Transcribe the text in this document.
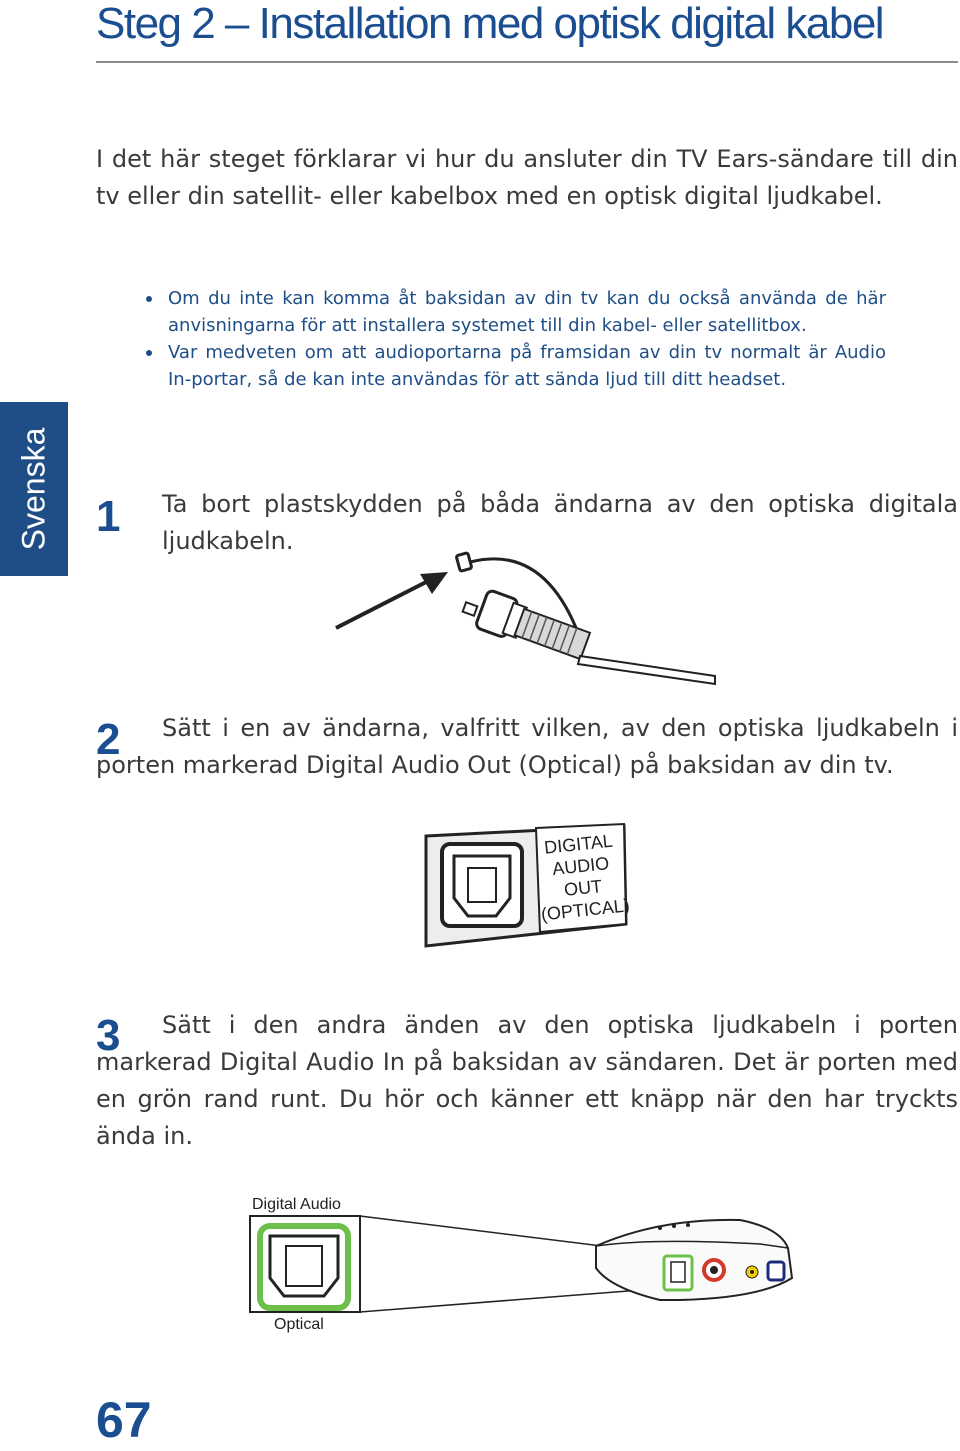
Steg 2 – Installation med optisk digital kabel
Svenska

I det här steget förklarar vi hur du ansluter din TV Ears-sändare till din tv eller din satellit- eller kabelbox med en optisk digital ljudkabel.

Om du inte kan komma åt baksidan av din tv kan du också använda de här anvisningarna för att installera systemet till din kabel- eller satellitbox.
Var medveten om att audioportarna på framsidan av din tv normalt är Audio In-portar, så de kan inte användas för att sända ljud till ditt headset.
1 Ta bort plastskydden på båda ändarna av den optiska digitala ljudkabeln.

2	Sätt i en av ändarna, valfritt vilken, av den optiska ljudkabeln i porten markerad Digital Audio Out (Optical) på baksidan av din tv.

DIGITAL
AUDIO
OUT
(OPTICAL)
3	Sätt i den andra änden av den optiska ljudkabeln i porten markerad Digital Audio In på baksidan av sändaren. Det är porten med en grön rand runt. Du hör och känner ett knäpp när den har tryckts ända in.

Digital Audio
Optical
67
